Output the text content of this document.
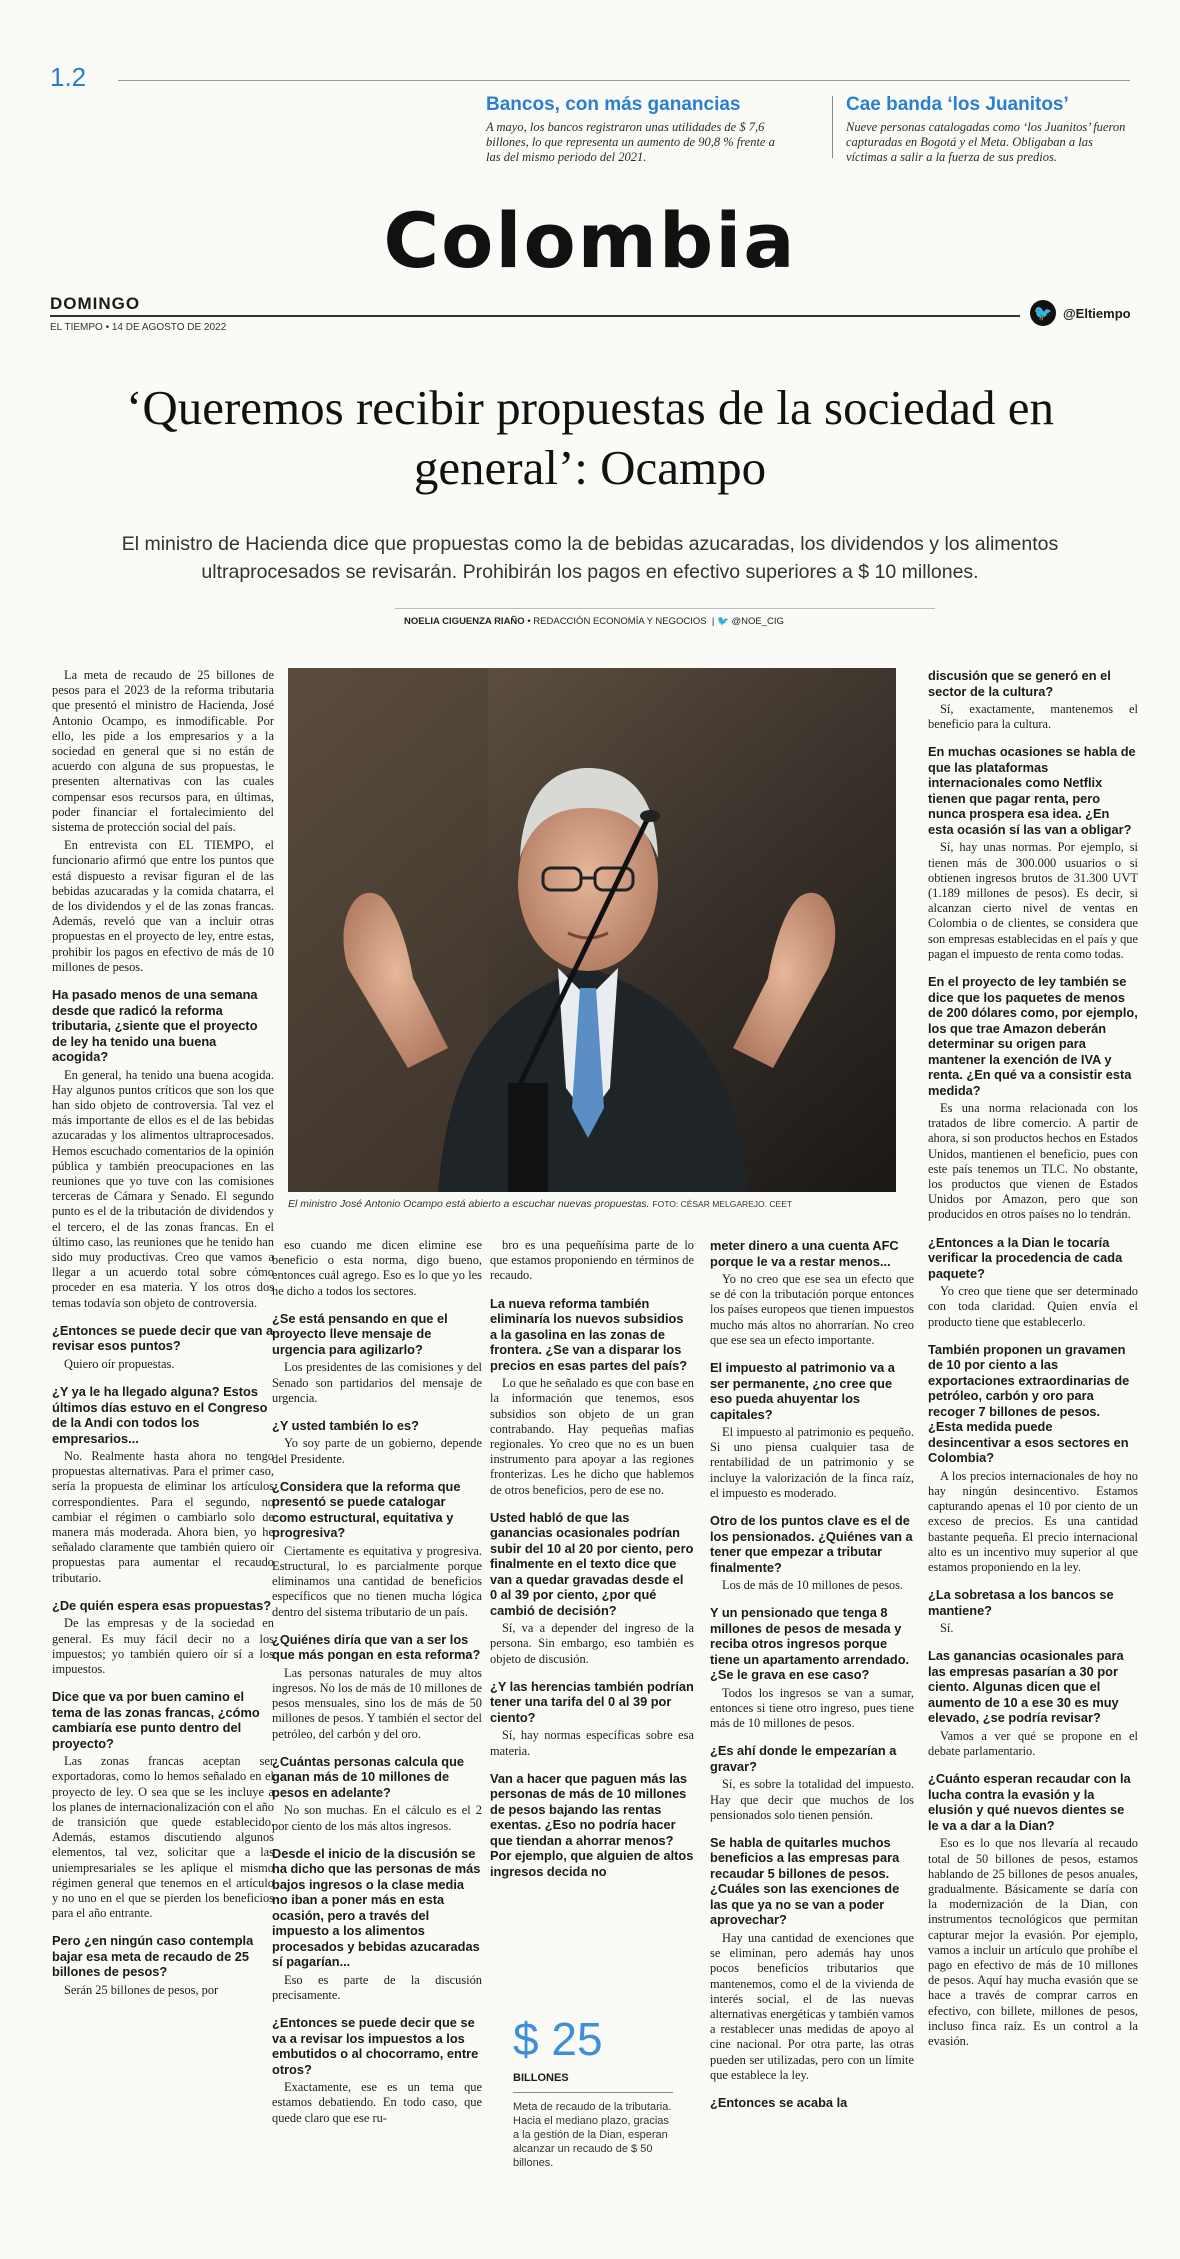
1.2
Bancos, con más ganancias

A mayo, los bancos registraron unas utilidades de $ 7,6 billones, lo que representa un aumento de 90,8 % frente a las del mismo periodo del 2021.

Cae banda ‘los Juanitos’

Nueve personas catalogadas como ‘los Juanitos’ fueron capturadas en Bogotá y el Meta. Obligaban a las víctimas a salir a la fuerza de sus predios.

Colombia
DOMINGO
EL TIEMPO • 14 DE AGOSTO DE 2022
🐦 @Eltiempo
‘Queremos recibir propuestas de la sociedad en general’: Ocampo
El ministro de Hacienda dice que propuestas como la de bebidas azucaradas, los dividendos y los alimentos ultraprocesados se revisarán. Prohibirán los pagos en efectivo superiores a $ 10 millones.
NOELIA CIGUENZA RIAÑO • REDACCIÓN ECONOMÍA Y NEGOCIOS  | 🐦 @NOE_CIG
El ministro José Antonio Ocampo está abierto a escuchar nuevas propuestas. FOTO: CÉSAR MELGAREJO. CEET

La meta de recaudo de 25 billones de pesos para el 2023 de la reforma tributaria que presentó el ministro de Hacienda, José Antonio Ocampo, es inmodificable. Por ello, les pide a los empresarios y a la sociedad en general que si no están de acuerdo con alguna de sus propuestas, le presenten alternativas con las cuales compensar esos recursos para, en últimas, poder financiar el fortalecimiento del sistema de protección social del país.

En entrevista con EL TIEMPO, el funcionario afirmó que entre los puntos que está dispuesto a revisar figuran el de las bebidas azucaradas y la comida chatarra, el de los dividendos y el de las zonas francas. Además, reveló que van a incluir otras propuestas en el proyecto de ley, entre estas, prohibir los pagos en efectivo de más de 10 millones de pesos.

Ha pasado menos de una semana desde que radicó la reforma tributaria, ¿siente que el proyecto de ley ha tenido una buena acogida?

En general, ha tenido una buena acogida. Hay algunos puntos críticos que son los que han sido objeto de controversia. Tal vez el más importante de ellos es el de las bebidas azucaradas y los alimentos ultraprocesados. Hemos escuchado comentarios de la opinión pública y también preocupaciones en las reuniones que yo tuve con las comisiones terceras de Cámara y Senado. El segundo punto es el de la tributación de dividendos y el tercero, el de las zonas francas. En el último caso, las reuniones que he tenido han sido muy productivas. Creo que vamos a llegar a un acuerdo total sobre cómo proceder en esa materia. Y los otros dos temas todavía son objeto de controversia.

¿Entonces se puede decir que van a revisar esos puntos?

Quiero oír propuestas.

¿Y ya le ha llegado alguna? Estos últimos días estuvo en el Congreso de la Andi con todos los empresarios...

No. Realmente hasta ahora no tengo propuestas alternativas. Para el primer caso, sería la propuesta de eliminar los artículos correspondientes. Para el segundo, no cambiar el régimen o cambiarlo solo de manera más moderada. Ahora bien, yo he señalado claramente que también quiero oír propuestas para aumentar el recaudo tributario.

¿De quién espera esas propuestas?

De las empresas y de la sociedad en general. Es muy fácil decir no a los impuestos; yo también quiero oír sí a los impuestos.

Dice que va por buen camino el tema de las zonas francas, ¿cómo cambiaría ese punto dentro del proyecto?

Las zonas francas aceptan ser exportadoras, como lo hemos señalado en el proyecto de ley. O sea que se les incluye a los planes de internacionalización con el año de transición que quede establecido. Además, estamos discutiendo algunos elementos, tal vez, solicitar que a las uniempresariales se les aplique el mismo régimen general que tenemos en el artículo y no uno en el que se pierden los beneficios para el año entrante.

Pero ¿en ningún caso contempla bajar esa meta de recaudo de 25 billones de pesos?

Serán 25 billones de pesos, por

eso cuando me dicen elimine ese beneficio o esta norma, digo bueno, entonces cuál agrego. Eso es lo que yo les he dicho a todos los sectores.

¿Se está pensando en que el proyecto lleve mensaje de urgencia para agilizarlo?

Los presidentes de las comisiones y del Senado son partidarios del mensaje de urgencia.

¿Y usted también lo es?

Yo soy parte de un gobierno, depende del Presidente.

¿Considera que la reforma que presentó se puede catalogar como estructural, equitativa y progresiva?

Ciertamente es equitativa y progresiva. Estructural, lo es parcialmente porque eliminamos una cantidad de beneficios específicos que no tienen mucha lógica dentro del sistema tributario de un país.

¿Quiénes diría que van a ser los que más pongan en esta reforma?

Las personas naturales de muy altos ingresos. No los de más de 10 millones de pesos mensuales, sino los de más de 50 millones de pesos. Y también el sector del petróleo, del carbón y del oro.

¿Cuántas personas calcula que ganan más de 10 millones de pesos en adelante?

No son muchas. En el cálculo es el 2 por ciento de los más altos ingresos.

Desde el inicio de la discusión se ha dicho que las personas de más bajos ingresos o la clase media no iban a poner más en esta ocasión, pero a través del impuesto a los alimentos procesados y bebidas azucaradas sí pagarían...

Eso es parte de la discusión precisamente.

¿Entonces se puede decir que se va a revisar los impuestos a los embutidos o al chocorramo, entre otros?

Exactamente, ese es un tema que estamos debatiendo. En todo caso, que quede claro que ese ru-

bro es una pequeñísima parte de lo que estamos proponiendo en términos de recaudo.

La nueva reforma también eliminaría los nuevos subsidios a la gasolina en las zonas de frontera. ¿Se van a disparar los precios en esas partes del país?

Lo que he señalado es que con base en la información que tenemos, esos subsidios son objeto de un gran contrabando. Hay pequeñas mafias regionales. Yo creo que no es un buen instrumento para apoyar a las regiones fronterizas. Les he dicho que hablemos de otros beneficios, pero de ese no.

Usted habló de que las ganancias ocasionales podrían subir del 10 al 20 por ciento, pero finalmente en el texto dice que van a quedar gravadas desde el 0 al 39 por ciento, ¿por qué cambió de decisión?

Sí, va a depender del ingreso de la persona. Sin embargo, eso también es objeto de discusión.

¿Y las herencias también podrían tener una tarifa del 0 al 39 por ciento?

Sí, hay normas específicas sobre esa materia.

Van a hacer que paguen más las personas de más de 10 millones de pesos bajando las rentas exentas. ¿Eso no podría hacer que tiendan a ahorrar menos? Por ejemplo, que alguien de altos ingresos decida no

meter dinero a una cuenta AFC porque le va a restar menos...

Yo no creo que ese sea un efecto que se dé con la tributación porque entonces los países europeos que tienen impuestos mucho más altos no ahorrarían. No creo que ese sea un efecto importante.

El impuesto al patrimonio va a ser permanente, ¿no cree que eso pueda ahuyentar los capitales?

El impuesto al patrimonio es pequeño. Si uno piensa cualquier tasa de rentabilidad de un patrimonio y se incluye la valorización de la finca raíz, el impuesto es moderado.

Otro de los puntos clave es el de los pensionados. ¿Quiénes van a tener que empezar a tributar finalmente?

Los de más de 10 millones de pesos.

Y un pensionado que tenga 8 millones de pesos de mesada y reciba otros ingresos porque tiene un apartamento arrendado. ¿Se le grava en ese caso?

Todos los ingresos se van a sumar, entonces si tiene otro ingreso, pues tiene más de 10 millones de pesos.

¿Es ahí donde le empezarían a gravar?

Sí, es sobre la totalidad del impuesto. Hay que decir que muchos de los pensionados solo tienen pensión.

Se habla de quitarles muchos beneficios a las empresas para recaudar 5 billones de pesos. ¿Cuáles son las exenciones de las que ya no se van a poder aprovechar?

Hay una cantidad de exenciones que se eliminan, pero además hay unos pocos beneficios tributarios que mantenemos, como el de la vivienda de interés social, el de las nuevas alternativas energéticas y también vamos a restablecer unas medidas de apoyo al cine nacional. Por otra parte, las otras pueden ser utilizadas, pero con un límite que establece la ley.

¿Entonces se acaba la

discusión que se generó en el sector de la cultura?

Sí, exactamente, mantenemos el beneficio para la cultura.

En muchas ocasiones se habla de que las plataformas internacionales como Netflix tienen que pagar renta, pero nunca prospera esa idea. ¿En esta ocasión sí las van a obligar?

Sí, hay unas normas. Por ejemplo, si tienen más de 300.000 usuarios o si obtienen ingresos brutos de 31.300 UVT (1.189 millones de pesos). Es decir, si alcanzan cierto nivel de ventas en Colombia o de clientes, se considera que son empresas establecidas en el país y que pagan el impuesto de renta como todas.

En el proyecto de ley también se dice que los paquetes de menos de 200 dólares como, por ejemplo, los que trae Amazon deberán determinar su origen para mantener la exención de IVA y renta. ¿En qué va a consistir esta medida?

Es una norma relacionada con los tratados de libre comercio. A partir de ahora, si son productos hechos en Estados Unidos, mantienen el beneficio, pues con este país tenemos un TLC. No obstante, los productos que vienen de Estados Unidos por Amazon, pero que son producidos en otros países no lo tendrán.

¿Entonces a la Dian le tocaría verificar la procedencia de cada paquete?

Yo creo que tiene que ser determinado con toda claridad. Quien envía el producto tiene que establecerlo.

También proponen un gravamen de 10 por ciento a las exportaciones extraordinarias de petróleo, carbón y oro para recoger 7 billones de pesos. ¿Esta medida puede desincentivar a esos sectores en Colombia?

A los precios internacionales de hoy no hay ningún desincentivo. Estamos capturando apenas el 10 por ciento de un exceso de precios. Es una cantidad bastante pequeña. El precio internacional alto es un incentivo muy superior al que estamos proponiendo en la ley.

¿La sobretasa a los bancos se mantiene?

Sí.

Las ganancias ocasionales para las empresas pasarían a 30 por ciento. Algunas dicen que el aumento de 10 a ese 30 es muy elevado, ¿se podría revisar?

Vamos a ver qué se propone en el debate parlamentario.

¿Cuánto esperan recaudar con la lucha contra la evasión y la elusión y qué nuevos dientes se le va a dar a la Dian?

Eso es lo que nos llevaría al recaudo total de 50 billones de pesos, estamos hablando de 25 billones de pesos anuales, gradualmente. Básicamente se daría con la modernización de la Dian, con instrumentos tecnológicos que permitan capturar mejor la evasión. Por ejemplo, vamos a incluir un artículo que prohíbe el pago en efectivo de más de 10 millones de pesos. Aquí hay mucha evasión que se hace a través de comprar carros en efectivo, con billete, millones de pesos, incluso finca raíz. Es un control a la evasión.

$ 25
BILLONES
Meta de recaudo de la tributaria. Hacia el mediano plazo, gracias a la gestión de la Dian, esperan alcanzar un recaudo de $ 50 billones.
